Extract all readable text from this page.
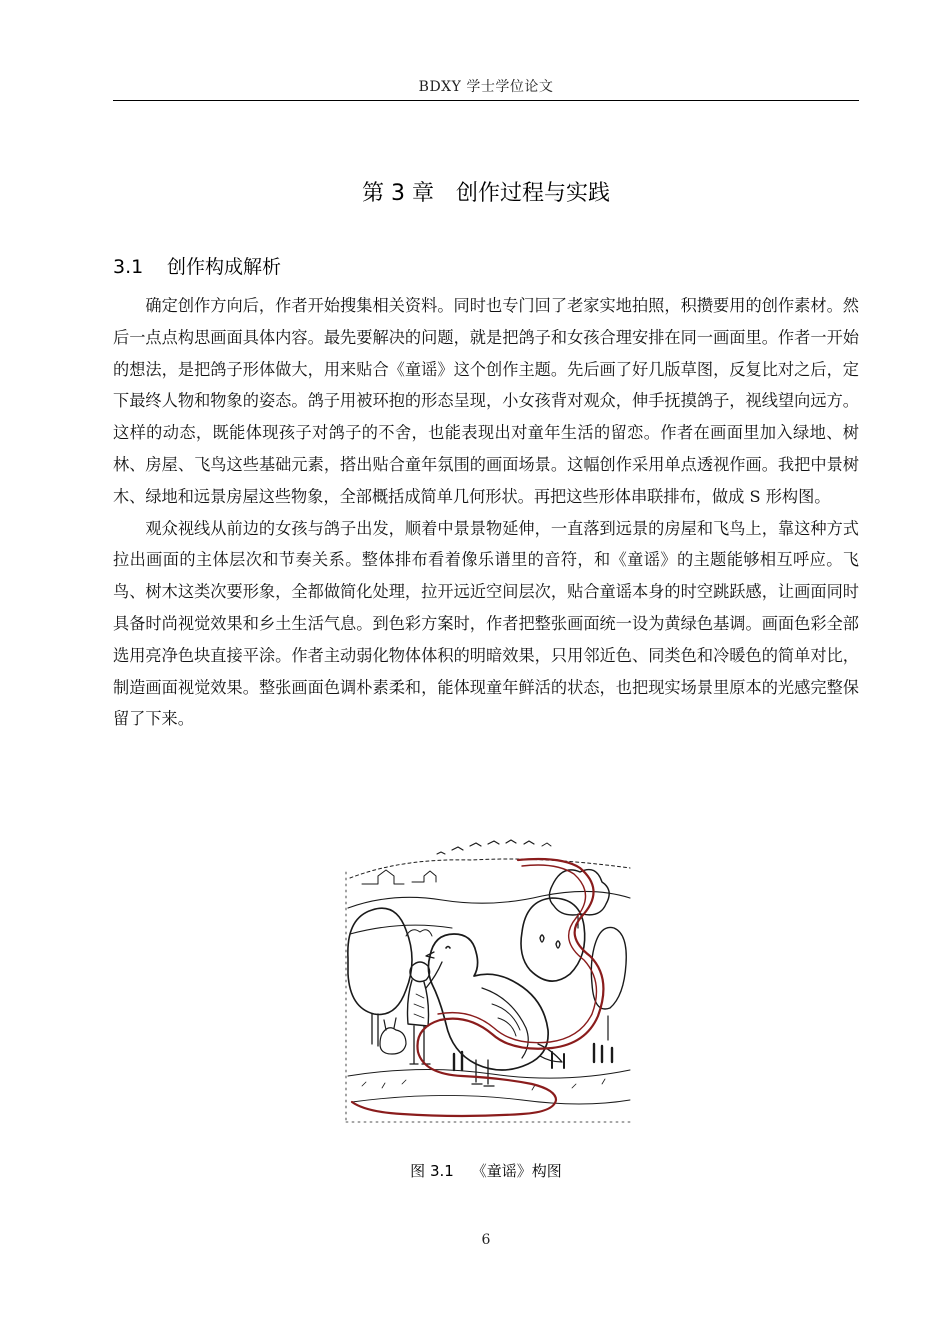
BDXY 学士学位论文
第 3 章　创作过程与实践
3.1 创作构成解析

确定创作方向后，作者开始搜集相关资料。同时也专门回了老家实地拍照，积攒要用的创作素材。然后一点点构思画面具体内容。最先要解决的问题，就是把鸽子和女孩合理安排在同一画面里。作者一开始的想法，是把鸽子形体做大，用来贴合《童谣》这个创作主题。先后画了好几版草图，反复比对之后，定下最终人物和物象的姿态。鸽子用被环抱的形态呈现，小女孩背对观众，伸手抚摸鸽子，视线望向远方。这样的动态，既能体现孩子对鸽子的不舍，也能表现出对童年生活的留恋。作者在画面里加入绿地、树林、房屋、飞鸟这些基础元素，搭出贴合童年氛围的画面场景。这幅创作采用单点透视作画。我把中景树木、绿地和远景房屋这些物象，全部概括成简单几何形状。再把这些形体串联排布，做成 S 形构图。

观众视线从前边的女孩与鸽子出发，顺着中景景物延伸，一直落到远景的房屋和飞鸟上，靠这种方式拉出画面的主体层次和节奏关系。整体排布看着像乐谱里的音符，和《童谣》的主题能够相互呼应。飞鸟、树木这类次要形象，全都做简化处理，拉开远近空间层次，贴合童谣本身的时空跳跃感，让画面同时具备时尚视觉效果和乡土生活气息。到色彩方案时，作者把整张画面统一设为黄绿色基调。画面色彩全部选用亮净色块直接平涂。作者主动弱化物体体积的明暗效果，只用邻近色、同类色和冷暖色的简单对比，制造画面视觉效果。整张画面色调朴素柔和，能体现童年鲜活的状态，也把现实场景里原本的光感完整保留了下来。

图 3.1 《童谣》构图
6
